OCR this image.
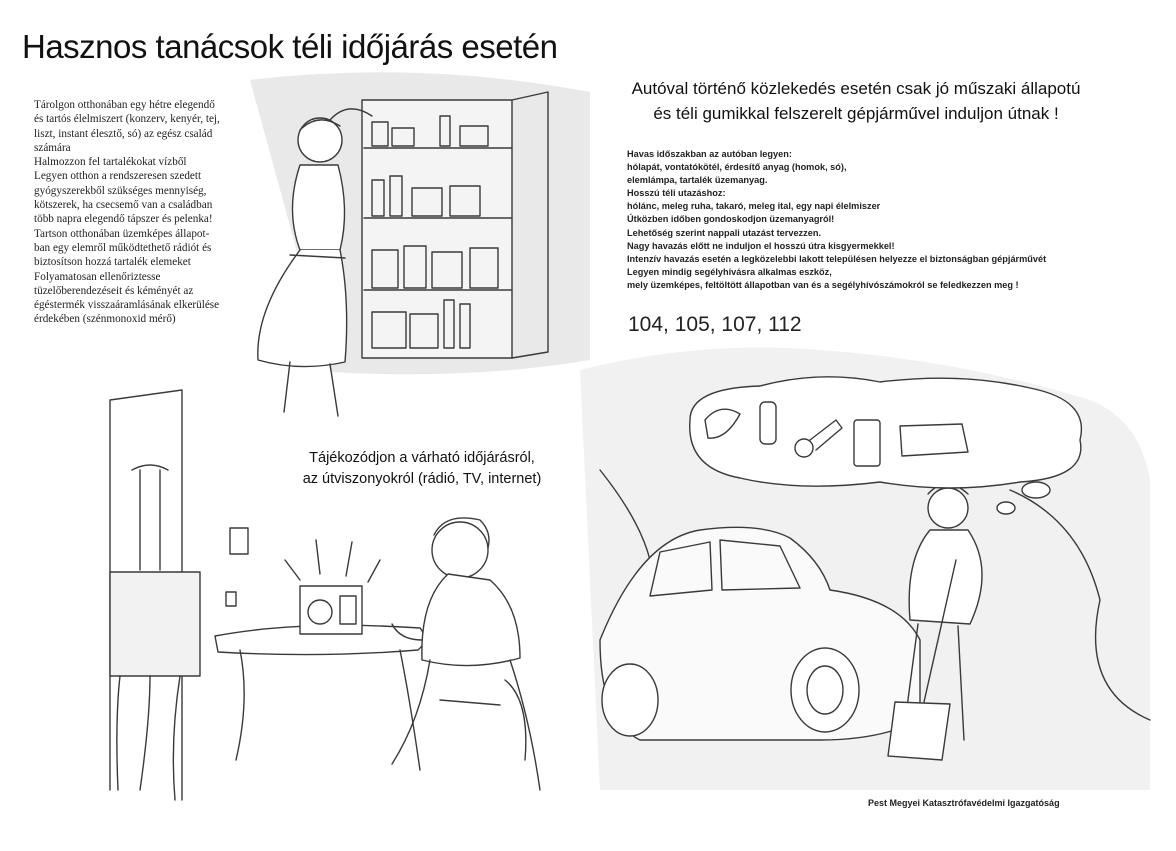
Hasznos tanácsok téli időjárás esetén
Tárolgon otthonában egy hétre elegendő
és tartós élelmiszert (konzerv, kenyér, tej,
liszt, instant élesztő, só) az egész család
számára
Halmozzon fel tartalékokat vízből
Legyen otthon a rendszeresen szedett
gyógyszerekből szükséges mennyiség,
kötszerek, ha csecsemő van a családban
több napra elegendő tápszer és pelenka!
Tartson otthonában üzemképes állapot-
ban egy elemről működtethető rádiót és
biztosítson hozzá tartalék elemeket
Folyamatosan ellenőriztesse
tüzelőberendezéseit és kéményét az
égéstermék visszaáramlásának elkerülése
érdekében (szénmonoxid mérő)
Autóval történő közlekedés esetén csak jó műszaki állapotú
és téli gumikkal felszerelt gépjárművel induljon útnak !
Havas időszakban az autóban legyen:
hólapát, vontatókötél, érdesítő anyag (homok, só),
elemlámpa, tartalék üzemanyag.
Hosszú téli utazáshoz:
hólánc, meleg ruha, takaró, meleg ital, egy napi élelmiszer
Útközben időben gondoskodjon üzemanyagról!
Lehetőség szerint nappali utazást tervezzen.
Nagy havazás előtt ne induljon el hosszú útra kisgyermekkel!
Intenzív havazás esetén a legközelebbi lakott településen helyezze el biztonságban gépjárművét
Legyen mindig segélyhívásra alkalmas eszköz,
mely üzemképes, feltöltött állapotban van és a segélyhívószámokról se feledkezzen meg !
104, 105, 107, 112
Tájékozódjon a várható időjárásról,
az útviszonyokról (rádió, TV, internet)
Pest Megyei Katasztrófavédelmi Igazgatóság
